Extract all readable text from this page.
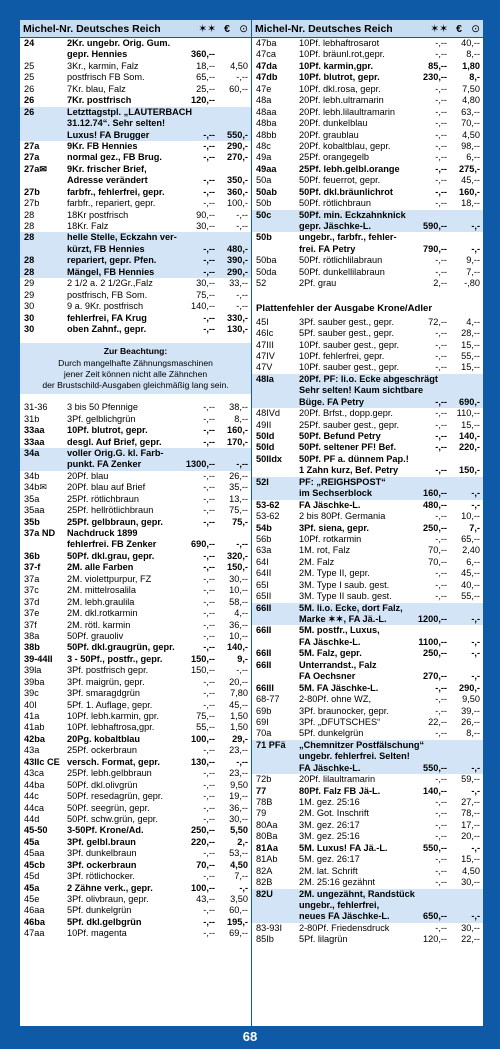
Michel-Nr. Deutsches Reich	✶✶ € ⊙
24	2Kr. ungebr. Orig. Gum.
gepr. Hennies	360,--
25	3Kr., karmin, Falz	18,-- 4,50
25	postfrisch FB Som.	65,-- -,--
26	7Kr. blau, Falz	25,-- 60,--
26	7Kr. postfrisch	120,--
26	Letzttagstpl. „LAUTERBACH
31.12.74“. Sehr selten!
Luxus! FA Brugger	-,-- 550,-
27a	9Kr. FB Hennies	-,-- 290,-
27a	normal gez., FB Brug.	-,-- 270,-
27a✉ 9Kr. frischer Brief,
Adresse verändert	-,-- 350,-
27b	farbfr., fehlerfrei, gepr.	-,-- 360,-
27b	farbfr., repariert, gepr.	-,-- 100,-
28	18Kr postfrisch	90,-- -,--
28	18Kr. Falz	30,-- -,--
28	helle Stelle, Eckzahn ver-
kürzt, FB Hennies	-,-- 480,-
28	repariert, gepr. Pfen.	-,-- 390,-
28	Mängel, FB Hennies	-,-- 290,-
29	2 1/2 a. 2 1/2Gr.,Falz	30,-- 33,--
29	postfrisch, FB Som.	75,-- -,--
30	9 a. 9Kr. postfrisch	140,-- -,--
30	fehlerfrei, FA Krug	-,-- 330,-
30	oben Zahnf., gepr.	-,-- 130,-
Zur Beachtung:
Durch mangelhafte Zähnungsmaschinen
jener Zeit können nicht alle Zähnchen
der Brustschild-Ausgaben gleichmäßig lang sein.
31-36 3 bis 50 Pfennige	-,-- 38,--
31b	3Pf. gelblichgrün	-,-- 8,--
33aa 10Pf. blutrot, gepr.	-,-- 160,-
33aa desgl. Auf Brief, gepr.	-,-- 170,-
34a	voller Orig.G. kl. Farb-
punkt. FA Zenker	1300,-- -,--
34b	20Pf. blau	-,-- 26,--
34b✉ 20Pf. blau auf Brief	-,-- 35,--
35a	25Pf. rötlichbraun	-,-- 13,--
35aa 25Pf. hellrötlichbraun	-,-- 75,--
35b	25Pf. gelbbraun, gepr.	-,-- 75,-
37a ND Nachdruck 1899
fehlerfrei. FB Zenker	690,-- -,--
36b	50Pf. dkl.grau, gepr.	-,-- 320,-
37-f	2M. alle Farben	-,-- 150,-
37a	2M. violettpurpur, FZ	-,-- 30,--
37c	2M. mittelrosalila	-,-- 10,--
37d	2M. lebh.graulila	-,-- 58,--
37e	2M. dkl.rotkarmin	-,-- 4,--
37f	2M. rötl. karmin	-,-- 36,--
38a	50Pf. grauoliv	-,-- 10,--
38b	50Pf. dkl.graugrün, gepr.	-,-- 140,-
39-44II 3 - 50Pf., postfr., gepr.	150,-- 9,-
39la	3Pf. postfrisch gepr.	150,-- -,--
39ba 3Pf. maigrün, gepr.	-,-- 20,--
39c	3Pf. smaragdgrün	-,-- 7,80
40I	5Pf. 1. Auflage, gepr.	-,-- 45,--
41a	10Pf. lebh.karmin, gpr.	75,-- 1,50
41ab 10Pf. lebhaftrosa,gpr.	55,-- 1,50
42ba 20Pg. kobaltblau	100,-- 29,-
43a	25Pf. ockerbraun	-,-- 23,--
43IIc CE versch. Format, gepr.	130,-- -,--
43ca	25Pf. lebh.gelbbraun	-,-- 23,--
44ba 50Pf. dkl.olivgrün	-,-- 9,50
44c	50Pf. resedagrün, gepr.	-,-- 19,--
44ca	50Pf. seegrün, gepr.	-,-- 36,--
44d	50Pf. schw.grün, gepr.	-,-- 30,--
45-50 3-50Pf. Krone/Ad.	250,-- 5,50
45a	3Pf. gelbl.braun	220,-- 2,-
45aa 3Pf. dunkelbraun	-,-- 53,--
45cb 3Pf. ockerbraun	70,-- 4,50
45d	3Pf. rötlichocker.	-,-- 7,--
45a	2 Zähne verk., gepr.	100,--	-,-
45e	3Pf. olivbraun, gepr.	43,-- 3,50
46aa 5Pf. dunkelgrün	-,-- 60,--
46ba 5Pf. dkl.gelbgrün	-,-- 195,-
47aa 10Pf. magenta	-,-- 69,--
Michel-Nr. Deutsches Reich	✶✶ € ⊙
47ba 10Pf. lebhaftrosarot	-,-- 40,--
47ca	10Pf. bräunl.rot,gepr.	-,-- 8,--
47da 10Pf. karmin,gpr.	85,-- 1,80
47db 10Pf. blutrot, gepr.	230,-- 8,-
47e	10Pf. dkl.rosa, gepr.	-,-- 7,50
48a	20Pf. lebh.ultramarin	-,-- 4,80
48aa 20Pf. lebh.lilaultramarin	-,-- 63,--
48ba 20Pf. dunkelblau	-,-- 70,--
48bb 20Pf. graublau	-,-- 4,50
48c	20Pf. kobaltblau, gepr.	-,-- 98,--
49a	25Pf. orangegelb	-,-- 6,--
49aa 25Pf. lebh.gelbl.orange	-,-- 275,-
50a	50Pf. feuerrot, gepr.	-,-- 45,--
50ab 50Pf. dkl.bräunlichrot	-,-- 160,-
50b	50Pf. rötlichbraun	-,-- 18,--
50c	50Pf. min. Eckzahnknick
gepr. Jäschke-L.	590,--	-,-
50b	ungebr., farbfr., fehler-
frei. FA Petry	790,--	-,-
50ba 50Pf. rötlichlilabraun	-,-- 9,--
50da 50Pf. dunkellilabraun	-,-- 7,--
52	2Pf. grau	2,-- -,80
Plattenfehler der Ausgabe Krone/Adler
45I	3Pf. sauber gest., gepr.	72,-- 4,--
46Ic	5Pf. sauber gest., gepr.	-,-- 28,--
47III	10Pf. sauber gest., gepr.	-,-- 15,--
47IV	10Pf. fehlerfrei, gepr.	-,-- 55,--
47V	10Pf. sauber gest., gepr.	-,-- 15,--
48Ia	20Pf. PF: li.o. Ecke abgeschrägt
Sehr selten! Kaum sichtbare
Büge. FA Petry	-,-- 690,-
48IVd 20Pf. Brfst., dopp.gepr.	-,-- 110,--
49II	25Pf. sauber gest., gepr.	-,-- 15,--
50Id	50Pf. Befund Petry	-,-- 140,-
50Id	50Pf. seltener PF! Bef.	-,-- 220,-
50IIdx 50Pf. PF a. dünnem Pap.!
1 Zahn kurz, Bef. Petry	-,-- 150,-
52I	PF: „REIGHSPOST“
im Sechserblock	160,--	-,-
53-62 FA Jäschke-L.	480,--	-,-
53-62 2 bis 80Pf. Germania	-,-- 10,--
54b	3Pf. siena, gepr.	250,-- 7,-
56b	10Pf. rotkarmin	-,-- 65,--
63a	1M. rot, Falz	70,-- 2,40
64I	2M. Falz	70,-- 6,--
64II	2M. Type II, gepr.	-,-- 45,--
65I	3M. Type I saub. gest.	-,-- 40,--
65II	3M. Type II saub. gest.	-,-- 55,--
66II	5M. li.o. Ecke, dort Falz,
Marke ✶✶, FA Jä.-L.	1200,--	-,-
66II	5M. postfr., Luxus,
FA Jäschke-L.	1100,--	-,-
66II	5M. Falz, gepr.	250,--	-,-
66II	Unterrandst., Falz
FA Oechsner	270,--	-,-
66III	5M. FA Jäschke-L.	-,-- 290,-
68-77 2-80Pf. ohne WZ,	-,-- 9,50
69b	3Pf. braunocker, gepr.	-,-- 39,--
69I	3Pf. „DFUTSCHES“	22,-- 26,--
70a	5Pf. dunkelgrün	-,-- 8,--
71 PFä „Chemnitzer Postfälschung“
ungebr. fehlerfrei. Selten!
FA Jäschke-L.	550,--	-,-
72b	20Pf. lilaultramarin	-,-- 59,--
77	80Pf. Falz FB Jä-L.	140,--	-,-
78B	1M. gez. 25:16	-,-- 27,--
79	2M. Got. Inschrift	-,-- 78,--
80Aa 3M. gez. 26:17	-,-- 17,--
80Ba 3M. gez. 25:16	-,-- 20,--
81Aa 5M. Luxus! FA Jä.-L.	550,--	-,-
81Ab 5M. gez. 26:17	-,-- 15,--
82A	2M. lat. Schrift	-,-- 4,50
82B	2M. 25:16 gezähnt	-,-- 30,--
82U	2M. ungezähnt, Randstück
ungebr., fehlerfrei,
neues FA Jäschke-L.	650,--	-,-
83-93I 2-80Pf. Friedensdruck	-,-- 30,--
85Ib	5Pf. lilagrün	120,-- 22,--
68
